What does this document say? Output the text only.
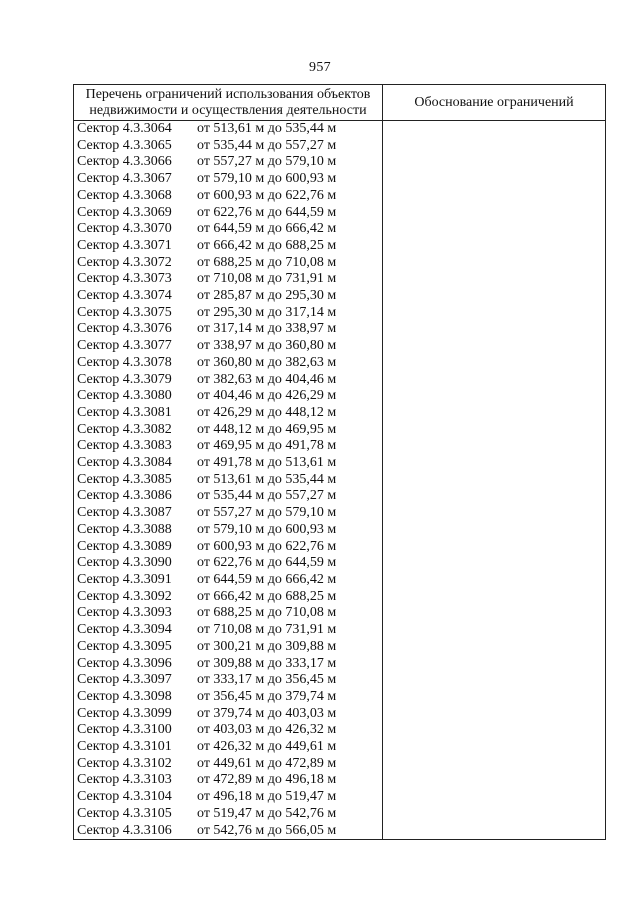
957
Перечень ограничений использования объектов недвижимости и осуществления деятельности	Обоснование ограничений
Сектор 4.3.3064 от 513,61 м до 535,44 м	
Сектор 4.3.3065 от 535,44 м до 557,27 м	
Сектор 4.3.3066 от 557,27 м до 579,10 м	
Сектор 4.3.3067 от 579,10 м до 600,93 м	
Сектор 4.3.3068 от 600,93 м до 622,76 м	
Сектор 4.3.3069 от 622,76 м до 644,59 м	
Сектор 4.3.3070 от 644,59 м до 666,42 м	
Сектор 4.3.3071 от 666,42 м до 688,25 м	
Сектор 4.3.3072 от 688,25 м до 710,08 м	
Сектор 4.3.3073 от 710,08 м до 731,91 м	
Сектор 4.3.3074 от 285,87 м до 295,30 м	
Сектор 4.3.3075 от 295,30 м до 317,14 м	
Сектор 4.3.3076 от 317,14 м до 338,97 м	
Сектор 4.3.3077 от 338,97 м до 360,80 м	
Сектор 4.3.3078 от 360,80 м до 382,63 м	
Сектор 4.3.3079 от 382,63 м до 404,46 м	
Сектор 4.3.3080 от 404,46 м до 426,29 м	
Сектор 4.3.3081 от 426,29 м до 448,12 м	
Сектор 4.3.3082 от 448,12 м до 469,95 м	
Сектор 4.3.3083 от 469,95 м до 491,78 м	
Сектор 4.3.3084 от 491,78 м до 513,61 м	
Сектор 4.3.3085 от 513,61 м до 535,44 м	
Сектор 4.3.3086 от 535,44 м до 557,27 м	
Сектор 4.3.3087 от 557,27 м до 579,10 м	
Сектор 4.3.3088 от 579,10 м до 600,93 м	
Сектор 4.3.3089 от 600,93 м до 622,76 м	
Сектор 4.3.3090 от 622,76 м до 644,59 м	
Сектор 4.3.3091 от 644,59 м до 666,42 м	
Сектор 4.3.3092 от 666,42 м до 688,25 м	
Сектор 4.3.3093 от 688,25 м до 710,08 м	
Сектор 4.3.3094 от 710,08 м до 731,91 м	
Сектор 4.3.3095 от 300,21 м до 309,88 м	
Сектор 4.3.3096 от 309,88 м до 333,17 м	
Сектор 4.3.3097 от 333,17 м до 356,45 м	
Сектор 4.3.3098 от 356,45 м до 379,74 м	
Сектор 4.3.3099 от 379,74 м до 403,03 м	
Сектор 4.3.3100 от 403,03 м до 426,32 м	
Сектор 4.3.3101 от 426,32 м до 449,61 м	
Сектор 4.3.3102 от 449,61 м до 472,89 м	
Сектор 4.3.3103 от 472,89 м до 496,18 м	
Сектор 4.3.3104 от 496,18 м до 519,47 м	
Сектор 4.3.3105 от 519,47 м до 542,76 м	
Сектор 4.3.3106 от 542,76 м до 566,05 м	
